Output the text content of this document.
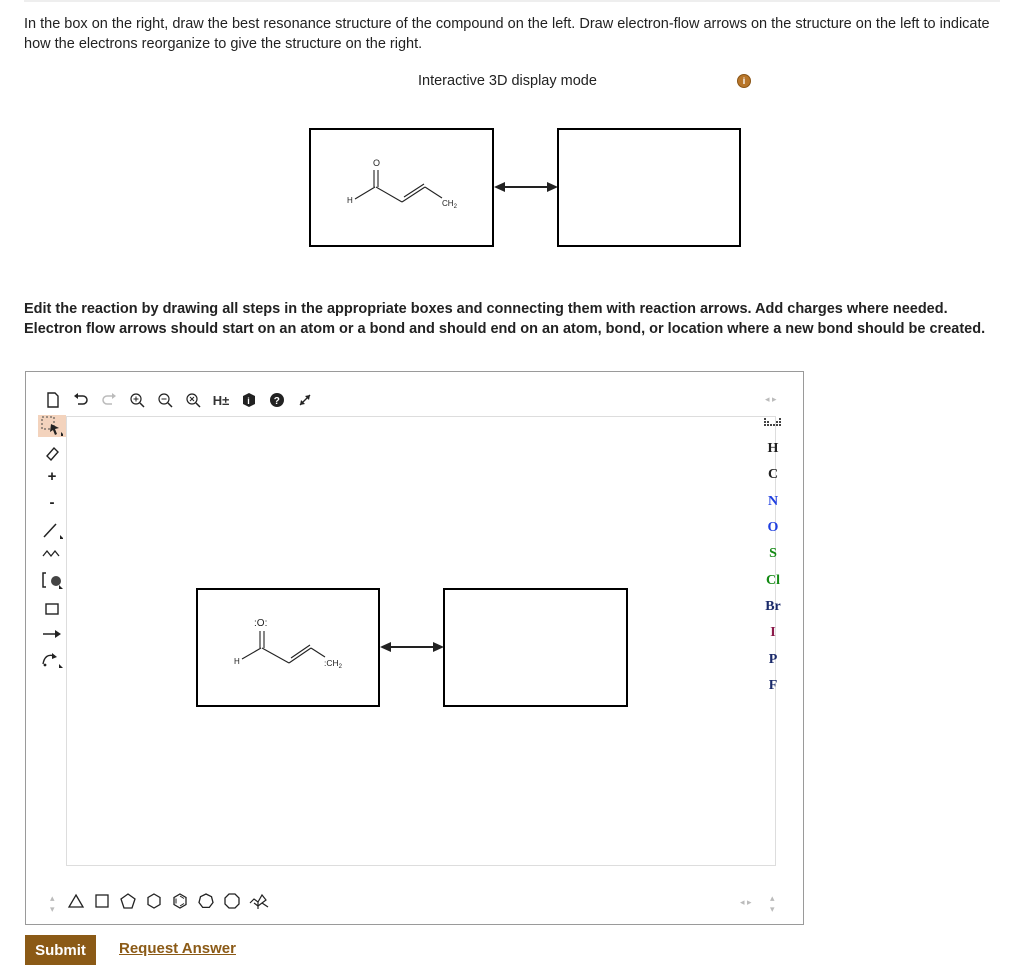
In the box on the right, draw the best resonance structure of the compound on the left. Draw electron-flow arrows on the structure on the left to indicate how the electrons reorganize to give the structure on the right.

Interactive 3D display mode	i
O
H	$CH_2$

Edit the reaction by drawing all steps in the appropriate boxes and connecting them with reaction arrows. Add charges where needed. Electron flow arrows should start on an atom or a bond and should end on an atom, bond, or location where a new bond should be created.

H± i ?	◂ ▸
+
-
:O:
H	$:CH_2$
H
C
N
O
S
Cl
Br
I
P
F
▴
▾
◂ ▸ ▴
▾
Submit	Request Answer
